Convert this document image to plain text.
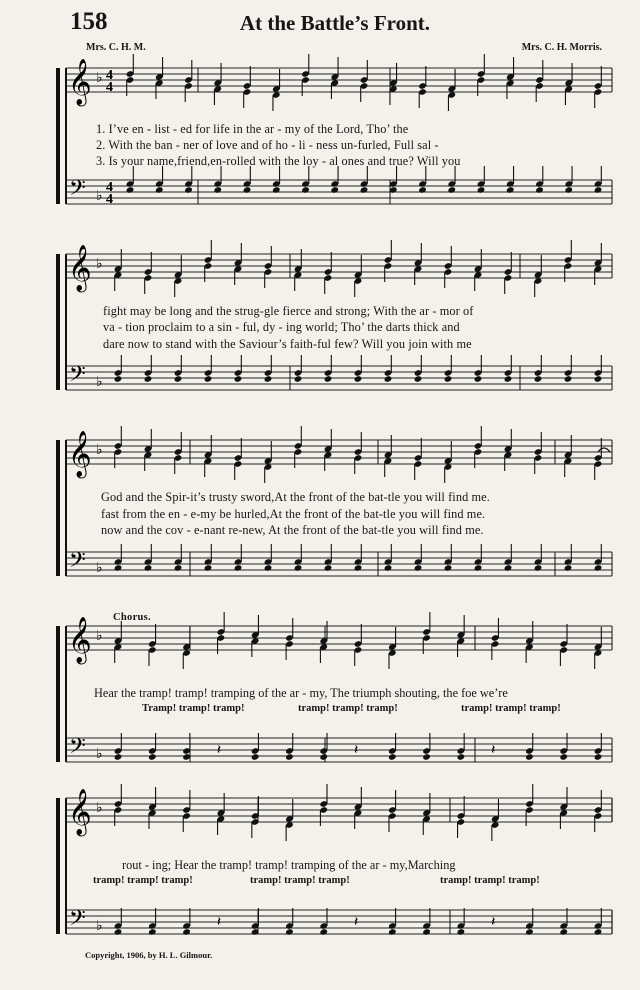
158	At the Battle’s Front.
Mrs. C. H. M.	Mrs. C. H. Morris.
𝄞
𝄢
♭
♭
4
4
4
4
𝄞
𝄢
♭
♭
𝄞
𝄢
♭
♭
𝄞
𝄢
♭
♭	𝄽	𝄽	𝄽
𝄞
𝄢
♭
♭	𝄽	𝄽	𝄽
1. I’ve en - list - ed for life in the ar - my of the Lord, Tho’ the
2. With the ban - ner of love and of ho - li - ness un-furled, Full sal -
3. Is your name,friend,en-rolled with the loy - al ones and true? Will you
fight may be long and the strug-gle fierce and strong; With the ar - mor of
va - tion proclaim to a sin - ful, dy - ing world; Tho’ the darts thick and
dare now to stand with the Saviour’s faith-ful few? Will you join with me
God and the Spir-it’s trusty sword,At the front of the bat-tle you will find me.
fast from the en - e-my be hurled,At the front of the bat-tle you will find me.
now and the cov - e-nant re-new, At the front of the bat-tle you will find me.
Chorus.
Hear the tramp! tramp! tramping of the ar - my, The triumph shouting, the foe we’re
Tramp! tramp! tramp!	tramp! tramp! tramp!	tramp! tramp! tramp!
rout - ing; Hear the tramp! tramp! tramping of the ar - my,Marching
tramp! tramp! tramp!	tramp! tramp! tramp!	tramp! tramp! tramp!
Copyright, 1906, by H. L. Gilmour.
